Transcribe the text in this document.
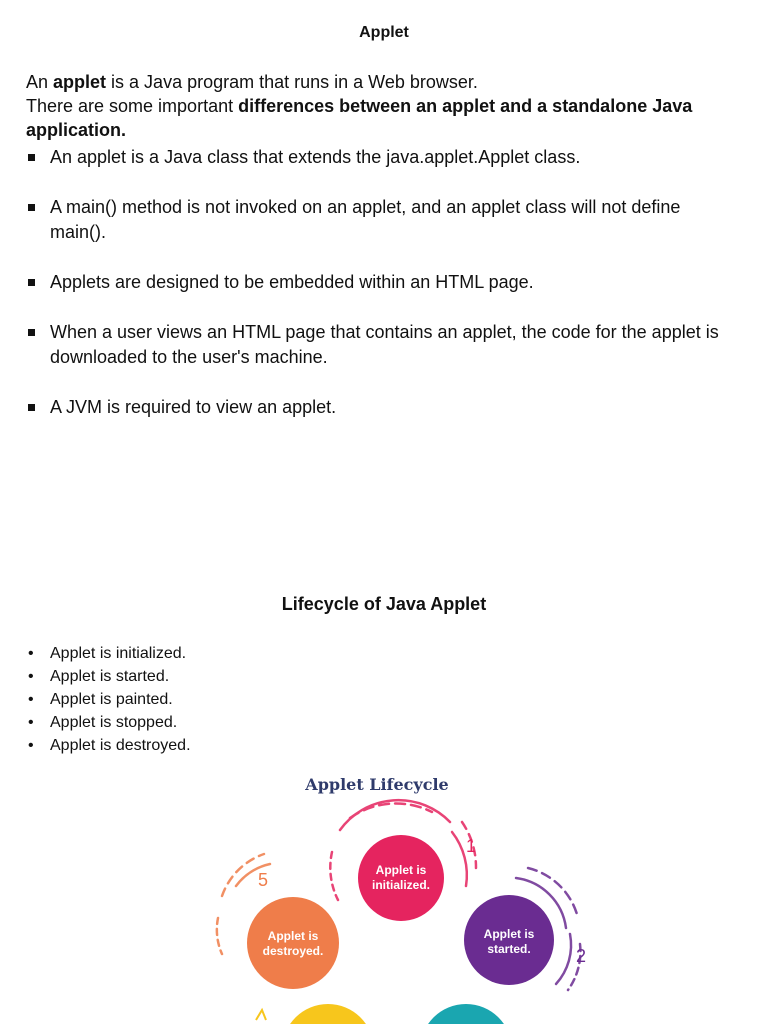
Applet

An applet is a Java program that runs in a Web browser.

There are some important differences between an applet and a standalone Java application.

An applet is a Java class that extends the java.applet.Applet class.
A main() method is not invoked on an applet, and an applet class will not define main().
Applets are designed to be embedded within an HTML page.
When a user views an HTML page that contains an applet, the code for the applet is downloaded to the user's machine.
A JVM is required to view an applet.
Lifecycle of Java Applet
• Applet is initialized.
• Applet is started.
• Applet is painted.
• Applet is stopped.
• Applet is destroyed.
Applet Lifecycle
Applet is
initialized.
1
Applet is
started.	2
Applet is
destroyed.
5
